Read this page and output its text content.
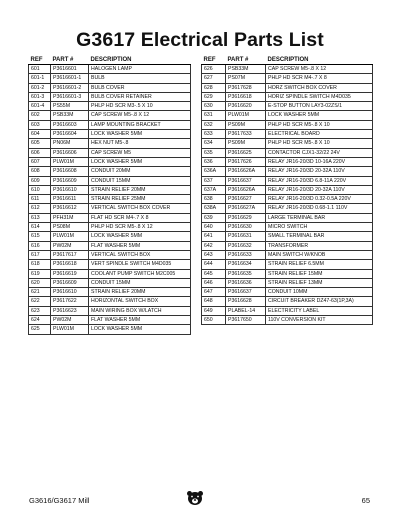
G3617 Electrical Parts List
REF	PART #	DESCRIPTION
601	P3616601	HALOGEN LAMP
601-1	P3616601-1	BULB
601-2	P3616601-2	BULB COVER
601-3	P3616601-3	BULB COVER RETAINER
601-4	PS55M	PHLP HD SCR M3-.5 X 10
602	PSB33M	CAP SCREW M5-.8 X 12
603	P3616603	LAMP MOUNTING BRACKET
604	P3616604	LOCK WASHER 5MM
605	PN06M	HEX NUT M5-.8
606	P3616606	CAP SCREW M5
607	PLW01M	LOCK WASHER 5MM
608	P3616608	CONDUIT 20MM
609	P3616609	CONDUIT 15MM
610	P3616610	STRAIN RELIEF 20MM
611	P3616611	STRAIN RELIEF 25MM
612	P3616612	VERTICAL SWITCH BOX COVER
613	PFH31M	FLAT HD SCR M4-.7 X 8
614	PS08M	PHLP HD SCR M5-.8 X 12
615	PLW01M	LOCK WASHER 5MM
616	PW02M	FLAT WASHER 5MM
617	P3617617	VERTICAL SWITCH BOX
618	P3616618	VERT SPINDLE SWITCH M4D035
619	P3616619	COOLANT PUMP SWITCH M2C005
620	P3616609	CONDUIT 15MM
621	P3616610	STRAIN RELIEF 20MM
622	P3617622	HORIZONTAL SWITCH BOX
623	P3616623	MAIN WIRING BOX W/LATCH
624	PW02M	FLAT WASHER 5MM
625	PLW01M	LOCK WASHER 5MM
REF	PART #	DESCRIPTION
626	PSB33M	CAP SCREW M5-.8 X 12
627	PS07M	PHLP HD SCR M4-.7 X 8
628	P3617628	HORZ SWITCH BOX COVER
629	P3616618	HORIZ SPINDLE SWITCH M4D035
630	P3616620	E-STOP BUTTON LAY3-02ZS/1
631	PLW01M	LOCK WASHER 5MM
632	PS09M	PHLP HD SCR M5-.8 X 10
633	P3617633	ELECTRICAL BOARD
634	PS09M	PHLP HD SCR M5-.8 X 10
635	P3616625	CONTACTOR CJX1-32/22 24V
636	P3617626	RELAY JR16-20/3D 10-16A 220V
636A	P3616626A	RELAY JR16-20/3D 20-32A 110V
637	P3616637	RELAY JR16-20/3D 6.8-11A 220V
637A	P3616626A	RELAY JR16-20/3D 20-32A 110V
638	P3616627	RELAY JR16-20/3D 0.32-0.5A 220V
638A	P3616627A	RELAY JR16-20/3D 0.68-1.1 110V
639	P3616629	LARGE TERMINAL BAR
640	P3616630	MICRO SWITCH
641	P3616631	SMALL TERMINAL BAR
642	P3616632	TRANSFORMER
643	P3616633	MAIN SWITCH W/KNOB
644	P3616634	STRAIN RELIEF 6.5MM
645	P3616635	STRAIN RELIEF 15MM
646	P3616636	STRAIN RELIEF 13MM
647	P3616637	CONDUIT 10MM
648	P3616628	CIRCUIT BREAKER DZ47-63(1P,3A)
649	PLABEL-14	ELECTRICITY LABEL
650	P3617650	110V CONVERSION KIT
G3616/G3617 Mill	65
